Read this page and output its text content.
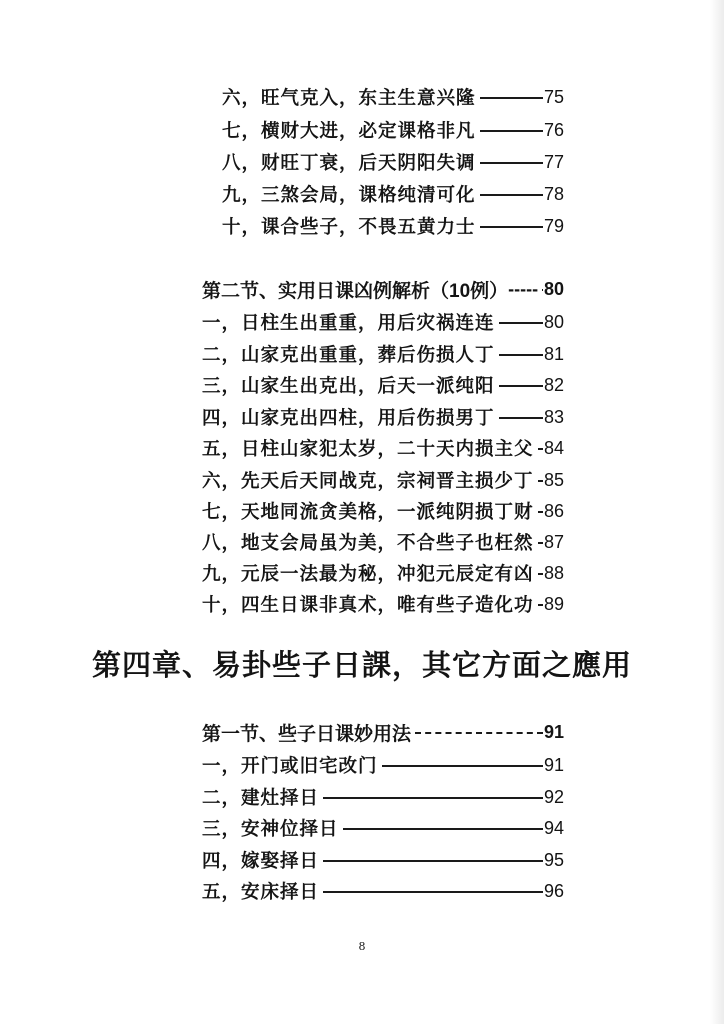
六，旺气克入，东主生意兴隆	75
七，横财大进，必定课格非凡	76
八，财旺丁衰，后天阴阳失调	77
九，三煞会局，课格纯清可化	78
十，课合些子，不畏五黄力士	79
第二节、实用日课凶例解析（10例） ----- 80
一，日柱生出重重，用后灾祸连连	80
二，山家克出重重，葬后伤损人丁	81
三，山家生出克出，后天一派纯阳	82
四，山家克出四柱，用后伤损男丁	83
五，日柱山家犯太岁，二十天内损主父 84
六，先天后天同战克，宗祠晋主损少丁 85
七，天地同流贪美格，一派纯阴损丁财 86
八，地支会局虽为美，不合些子也枉然 87
九，元辰一法最为秘，冲犯元辰定有凶 88
十，四生日课非真术，唯有些子造化功 89
第四章、易卦些子日課，其它方面之應用
第一节、些子日课妙用法	91
一，开门或旧宅改门	91
二，建灶择日	92
三，安神位择日	94
四，嫁娶择日	95
五，安床择日	96
8
